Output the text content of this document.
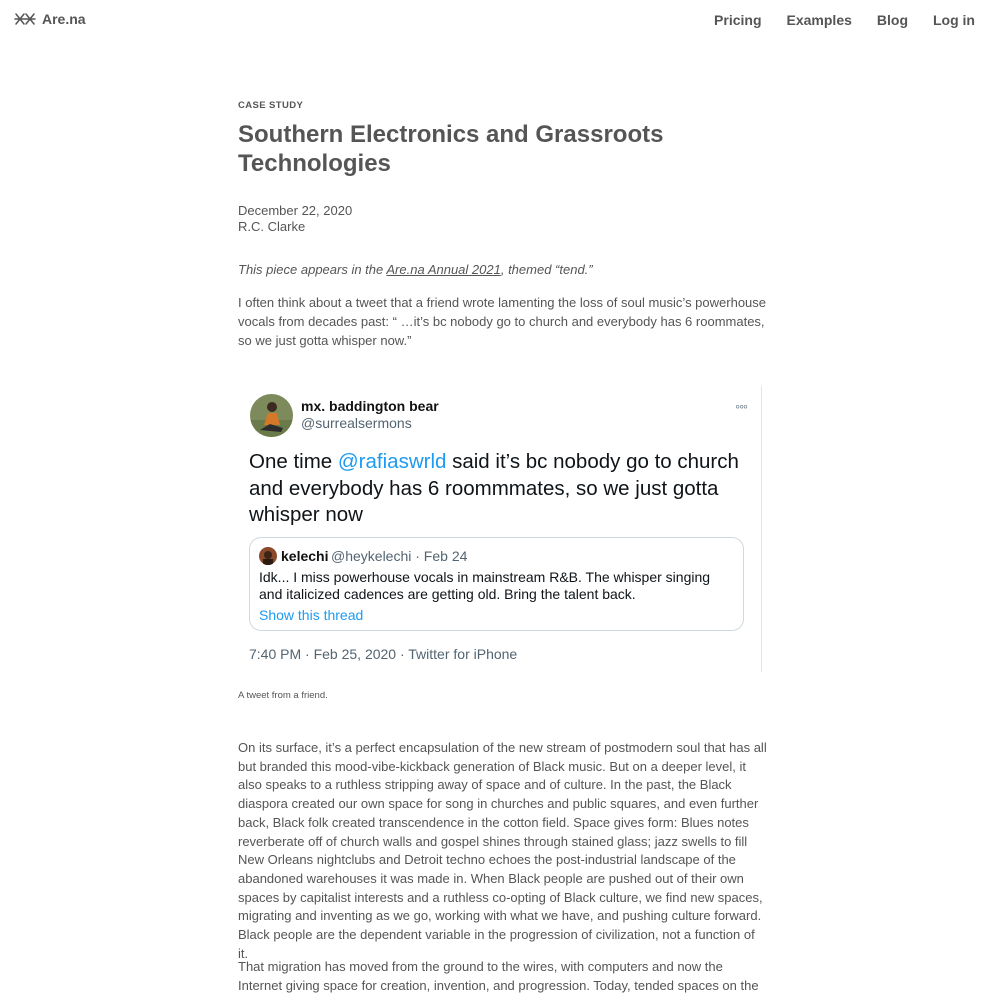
Are.na	Pricing Examples Blog Log in
CASE STUDY
Southern Electronics and Grassroots Technologies
December 22, 2020
R.C. Clarke
This piece appears in the Are.na Annual 2021, themed “tend.”

I often think about a tweet that a friend wrote lamenting the loss of soul music’s powerhouse vocals from decades past: “ …it’s bc nobody go to church and everybody has 6 roommates, so we just gotta whisper now.”

mx. baddington bear
@surrealsermons
◦◦◦
One time @rafiaswrld said it’s bc nobody go to church and everybody has 6 roommmates, so we just gotta whisper now
kelechi @heykelechi · Feb 24
Idk... I miss powerhouse vocals in mainstream R&B. The whisper singing and italicized cadences are getting old. Bring the talent back.
Show this thread
7:40 PM · Feb 25, 2020 · Twitter for iPhone
A tweet from a friend.

On its surface, it’s a perfect encapsulation of the new stream of postmodern soul that has all but branded this mood-vibe-kickback generation of Black music. But on a deeper level, it also speaks to a ruthless stripping away of space and of culture. In the past, the Black diaspora created our own space for song in churches and public squares, and even further back, Black folk created transcendence in the cotton field. Space gives form: Blues notes reverberate off of church walls and gospel shines through stained glass; jazz swells to fill New Orleans nightclubs and Detroit techno echoes the post-industrial landscape of the abandoned warehouses it was made in. When Black people are pushed out of their own spaces by capitalist interests and a ruthless co-opting of Black culture, we find new spaces, migrating and inventing as we go, working with what we have, and pushing culture forward. Black people are the dependent variable in the progression of civilization, not a function of it.

That migration has moved from the ground to the wires, with computers and now the Internet giving space for creation, invention, and progression. Today, tended spaces on the
